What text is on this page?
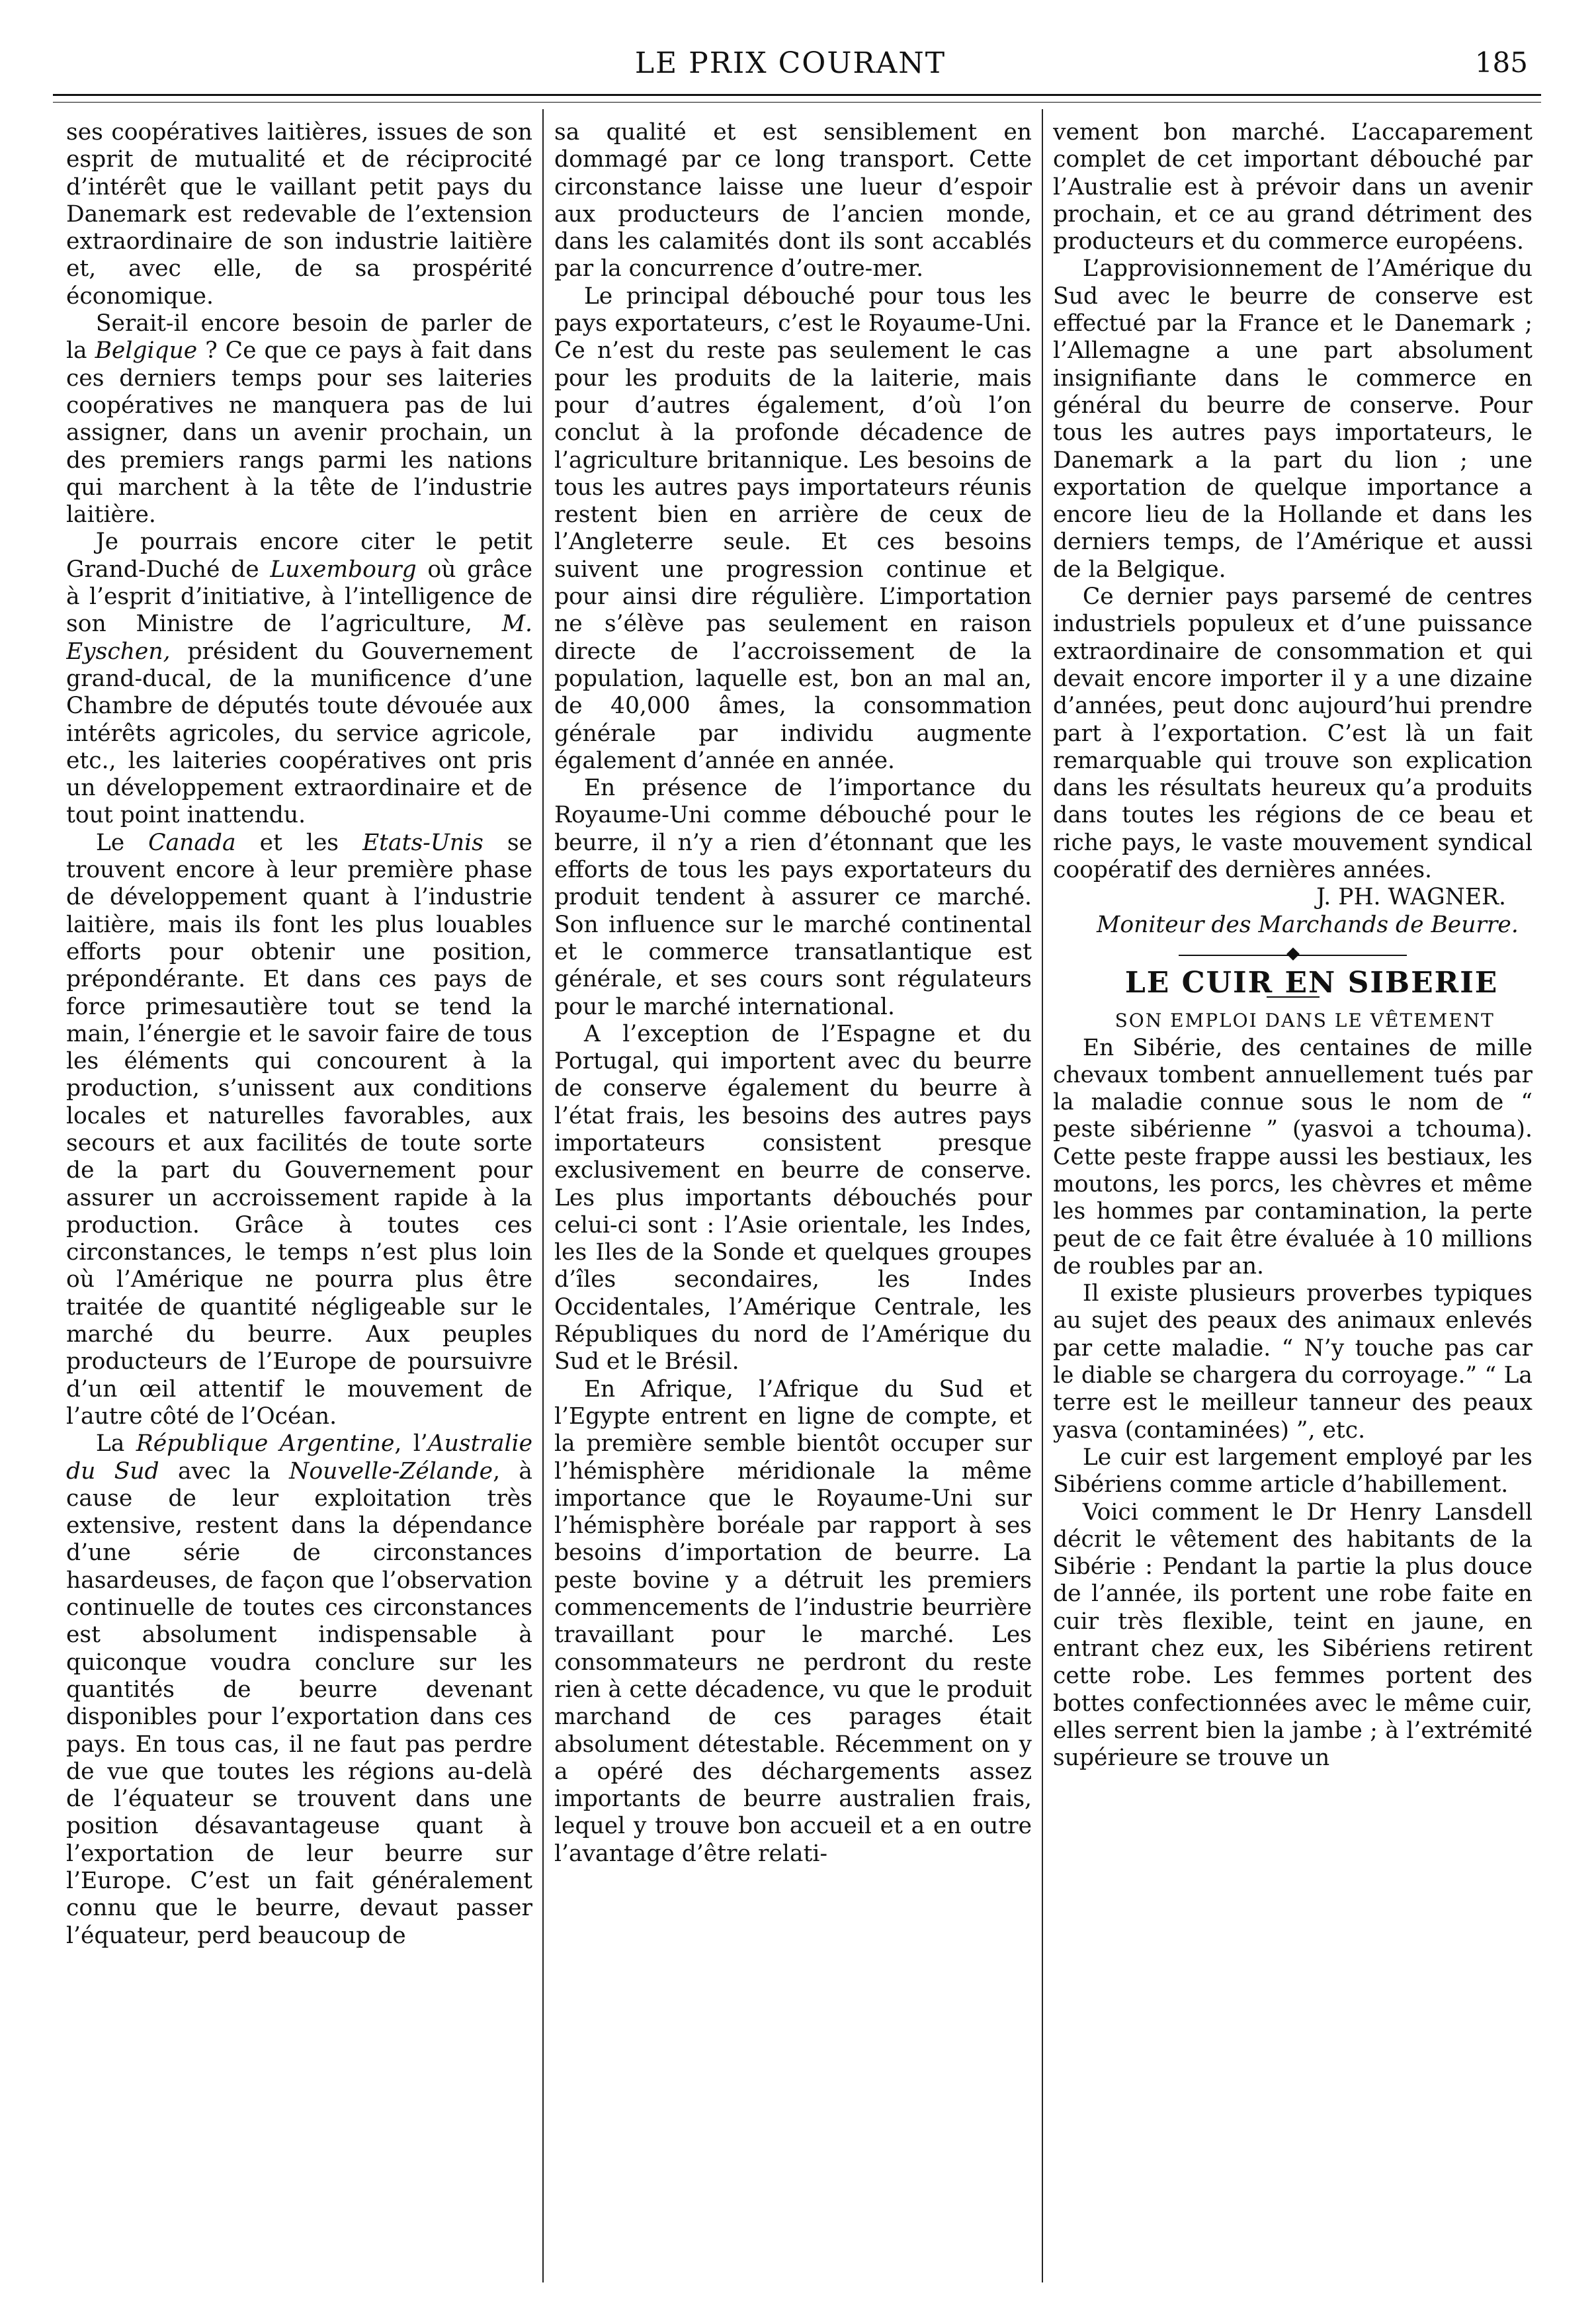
LE PRIX COURANT	185

ses coopératives laitières, issues de son esprit de mutualité et de réciprocité d’intérêt que le vaillant petit pays du Danemark est redevable de l’extension extraordinaire de son industrie laitière et, avec elle, de sa prospérité économique.

Serait-il encore besoin de parler de la Belgique ? Ce que ce pays à fait dans ces derniers temps pour ses laiteries coopératives ne manquera pas de lui assigner, dans un avenir prochain, un des premiers rangs parmi les nations qui marchent à la tête de l’industrie laitière.

Je pourrais encore citer le petit Grand-Duché de Luxembourg où grâce à l’esprit d’initiative, à l’intelligence de son Ministre de l’agriculture, M. Eyschen, président du Gouvernement grand-ducal, de la munificence d’une Chambre de députés toute dévouée aux intérêts agricoles, du service agricole, etc., les laiteries coopératives ont pris un développement extraordinaire et de tout point inattendu.

Le Canada et les Etats-Unis se trouvent encore à leur première phase de développement quant à l’industrie laitière, mais ils font les plus louables efforts pour obtenir une position, prépondérante. Et dans ces pays de force primesautière tout se tend la main, l’énergie et le savoir faire de tous les éléments qui concourent à la production, s’unissent aux conditions locales et naturelles favorables, aux secours et aux facilités de toute sorte de la part du Gouvernement pour assurer un accroissement rapide à la production. Grâce à toutes ces circonstances, le temps n’est plus loin où l’Amérique ne pourra plus être traitée de quantité négligeable sur le marché du beurre. Aux peuples producteurs de l’Europe de poursuivre d’un œil attentif le mouvement de l’autre côté de l’Océan.

La République Argentine, l’Australie du Sud avec la Nouvelle-Zélande, à cause de leur exploitation très extensive, restent dans la dépendance d’une série de circonstances hasardeuses, de façon que l’observation continuelle de toutes ces circonstances est absolument indispensable à quiconque voudra conclure sur les quantités de beurre devenant disponibles pour l’exportation dans ces pays. En tous cas, il ne faut pas perdre de vue que toutes les régions au-delà de l’équateur se trouvent dans une position désavantageuse quant à l’exportation de leur beurre sur l’Europe. C’est un fait généralement connu que le beurre, devaut passer l’équateur, perd beaucoup de

sa qualité et est sensiblement en dommagé par ce long transport. Cette circonstance laisse une lueur d’espoir aux producteurs de l’ancien monde, dans les calamités dont ils sont accablés par la concurrence d’outre-mer.

Le principal débouché pour tous les pays exportateurs, c’est le Royaume-Uni. Ce n’est du reste pas seulement le cas pour les produits de la laiterie, mais pour d’autres également, d’où l’on conclut à la profonde décadence de l’agriculture britannique. Les besoins de tous les autres pays importateurs réunis restent bien en arrière de ceux de l’Angleterre seule. Et ces besoins suivent une progression continue et pour ainsi dire régulière. L’importation ne s’élève pas seulement en raison directe de l’accroissement de la population, laquelle est, bon an mal an, de 40,000 âmes, la consommation générale par individu augmente également d’année en année.

En présence de l’importance du Royaume-Uni comme débouché pour le beurre, il n’y a rien d’étonnant que les efforts de tous les pays exportateurs du produit tendent à assurer ce marché. Son influence sur le marché continental et le commerce transatlantique est générale, et ses cours sont régulateurs pour le marché international.

A l’exception de l’Espagne et du Portugal, qui importent avec du beurre de conserve également du beurre à l’état frais, les besoins des autres pays importateurs consistent presque exclusivement en beurre de conserve. Les plus importants débouchés pour celui-ci sont : l’Asie orientale, les Indes, les Iles de la Sonde et quelques groupes d’îles secondaires, les Indes Occidentales, l’Amérique Centrale, les Républiques du nord de l’Amérique du Sud et le Brésil.

En Afrique, l’Afrique du Sud et l’Egypte entrent en ligne de compte, et la première semble bientôt occuper sur l’hémisphère méridionale la même importance que le Royaume-Uni sur l’hémisphère boréale par rapport à ses besoins d’importation de beurre. La peste bovine y a détruit les premiers commencements de l’industrie beurrière travaillant pour le marché. Les consommateurs ne perdront du reste rien à cette décadence, vu que le produit marchand de ces parages était absolument détestable. Récemment on y a opéré des déchargements assez importants de beurre australien frais, lequel y trouve bon accueil et a en outre l’avantage d’être relati-

vement bon marché. L’accaparement complet de cet important débouché par l’Australie est à prévoir dans un avenir prochain, et ce au grand détriment des producteurs et du commerce européens.

L’approvisionnement de l’Amérique du Sud avec le beurre de conserve est effectué par la France et le Danemark ; l’Allemagne a une part absolument insignifiante dans le commerce en général du beurre de conserve. Pour tous les autres pays importateurs, le Danemark a la part du lion ; une exportation de quelque importance a encore lieu de la Hollande et dans les derniers temps, de l’Amérique et aussi de la Belgique.

Ce dernier pays parsemé de centres industriels populeux et d’une puissance extraordinaire de consommation et qui devait encore importer il y a une dizaine d’années, peut donc aujourd’hui prendre part à l’exportation. C’est là un fait remarquable qui trouve son explication dans les résultats heureux qu’a produits dans toutes les régions de ce beau et riche pays, le vaste mouvement syndical coopératif des dernières années.

J. PH. WAGNER.

Moniteur des Marchands de Beurre.

LE CUIR EN SIBERIE

SON EMPLOI DANS LE VÊTEMENT

En Sibérie, des centaines de mille chevaux tombent annuellement tués par la maladie connue sous le nom de “ peste sibérienne ” (yasvoi a tchouma). Cette peste frappe aussi les bestiaux, les moutons, les porcs, les chèvres et même les hommes par contamination, la perte peut de ce fait être évaluée à 10 millions de roubles par an.

Il existe plusieurs proverbes typiques au sujet des peaux des animaux enlevés par cette maladie. “ N’y touche pas car le diable se chargera du corroyage.” “ La terre est le meilleur tanneur des peaux yasva (contaminées) ”, etc.

Le cuir est largement employé par les Sibériens comme article d’habillement.

Voici comment le Dr Henry Lansdell décrit le vêtement des habitants de la Sibérie : Pendant la partie la plus douce de l’année, ils portent une robe faite en cuir très flexible, teint en jaune, en entrant chez eux, les Sibériens retirent cette robe. Les femmes portent des bottes confectionnées avec le même cuir, elles serrent bien la jambe ; à l’extrémité supérieure se trouve un
